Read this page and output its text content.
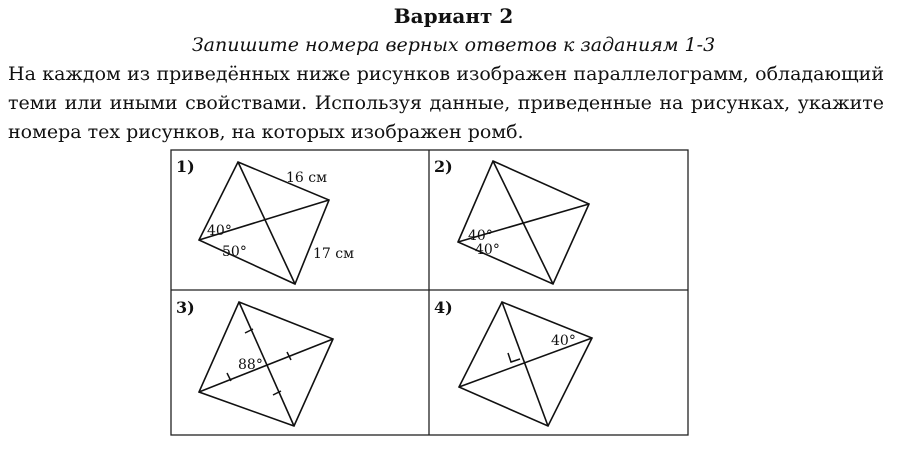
Вариант 2
Запишите номера верных ответов к заданиям 1-3
На каждом из приведённых ниже рисунков изображен параллелограмм, обладающий теми или иными свойствами. Используя данные, приведенные на рисунках, укажите номера тех рисунков, на которых изображен ромб.
1)
16 см
17 см
40°
50°
2)
40°
40°
3)
88°
4)
40°
